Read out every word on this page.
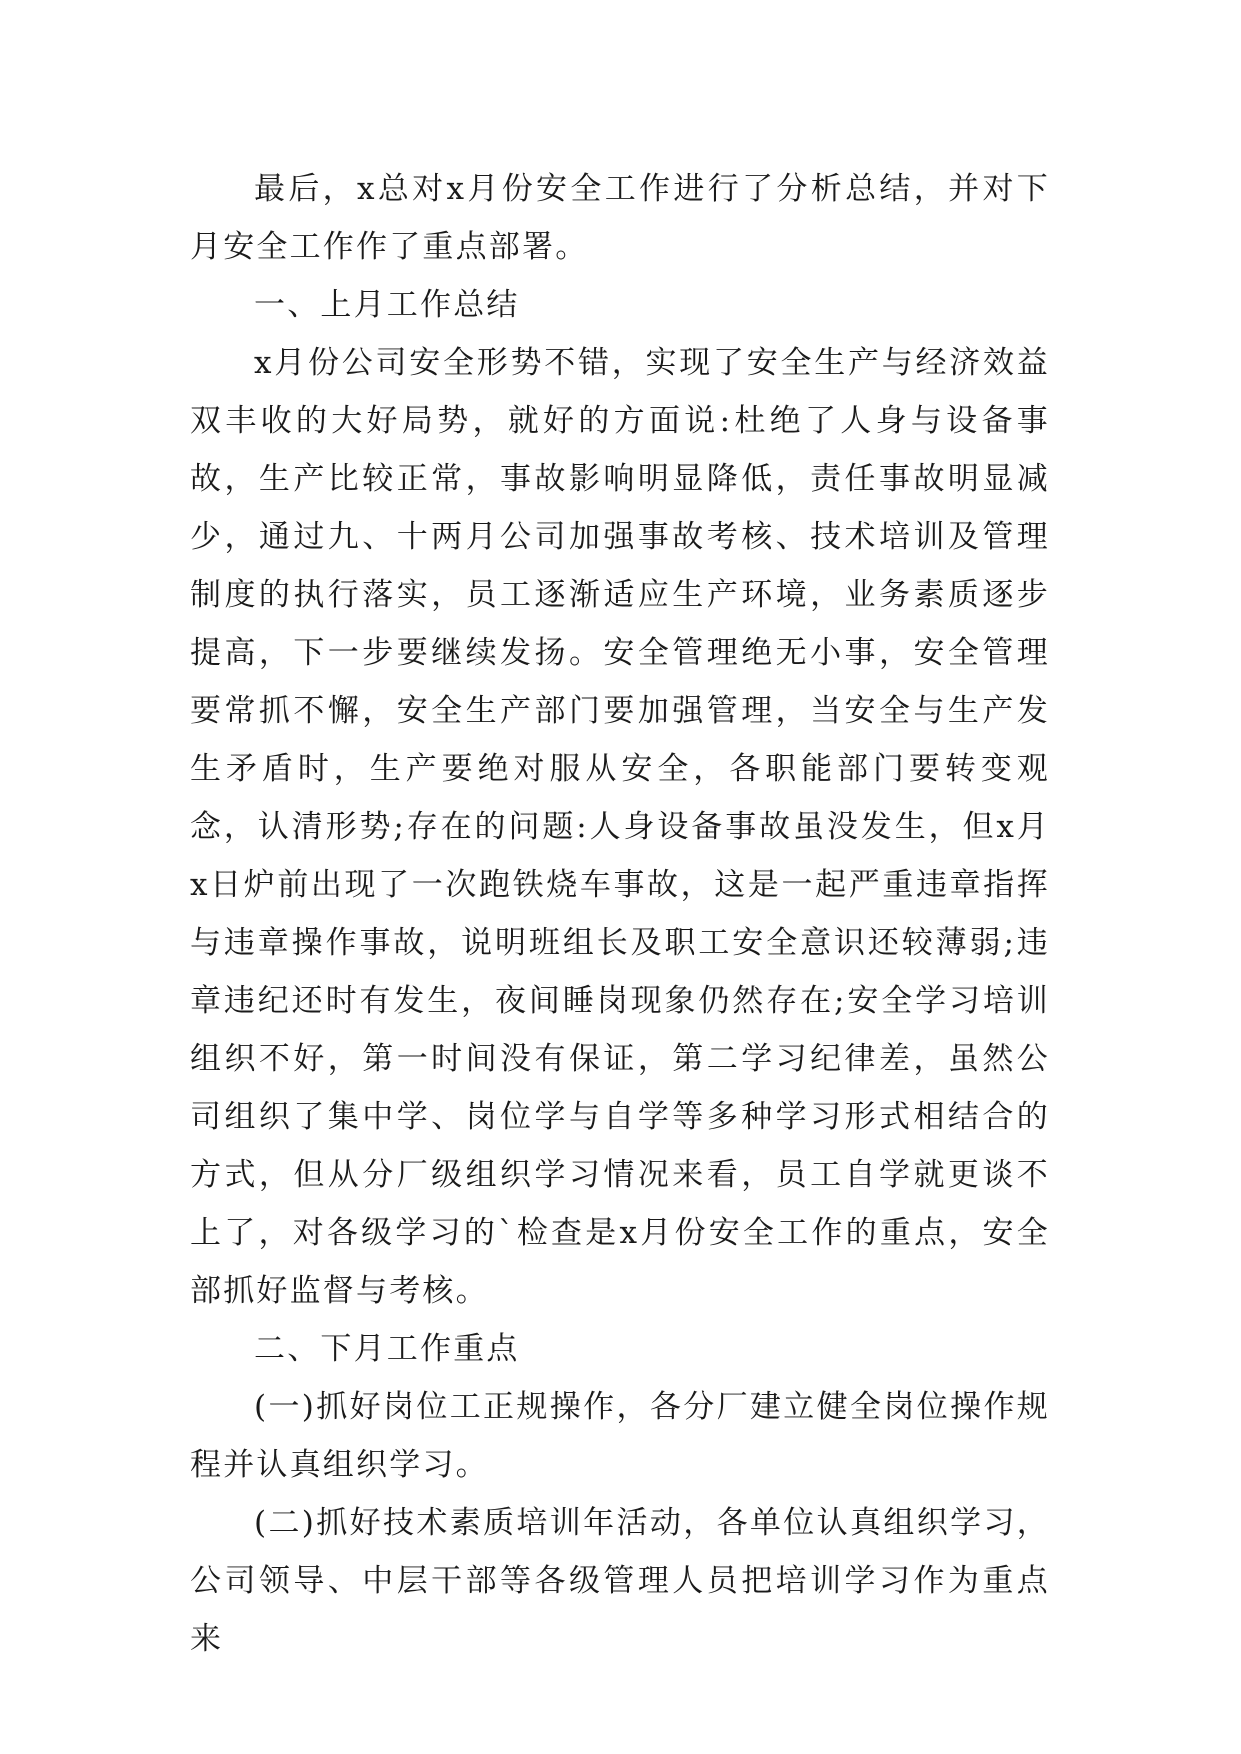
最后，x总对x月份安全工作进行了分析总结，并对下月安全工作作了重点部署。

一、上月工作总结

x月份公司安全形势不错，实现了安全生产与经济效益双丰收的大好局势，就好的方面说:杜绝了人身与设备事故，生产比较正常，事故影响明显降低，责任事故明显减少，通过九、十两月公司加强事故考核、技术培训及管理制度的执行落实，员工逐渐适应生产环境，业务素质逐步提高，下一步要继续发扬。安全管理绝无小事，安全管理要常抓不懈，安全生产部门要加强管理，当安全与生产发生矛盾时，生产要绝对服从安全，各职能部门要转变观念，认清形势;存在的问题:人身设备事故虽没发生，但x月x日炉前出现了一次跑铁烧车事故，这是一起严重违章指挥与违章操作事故，说明班组长及职工安全意识还较薄弱;违章违纪还时有发生，夜间睡岗现象仍然存在;安全学习培训组织不好，第一时间没有保证，第二学习纪律差，虽然公司组织了集中学、岗位学与自学等多种学习形式相结合的方式，但从分厂级组织学习情况来看，员工自学就更谈不上了，对各级学习的`检查是x月份安全工作的重点，安全部抓好监督与考核。

二、下月工作重点

(一)抓好岗位工正规操作，各分厂建立健全岗位操作规程并认真组织学习。

(二)抓好技术素质培训年活动，各单位认真组织学习，公司领导、中层干部等各级管理人员把培训学习作为重点来
